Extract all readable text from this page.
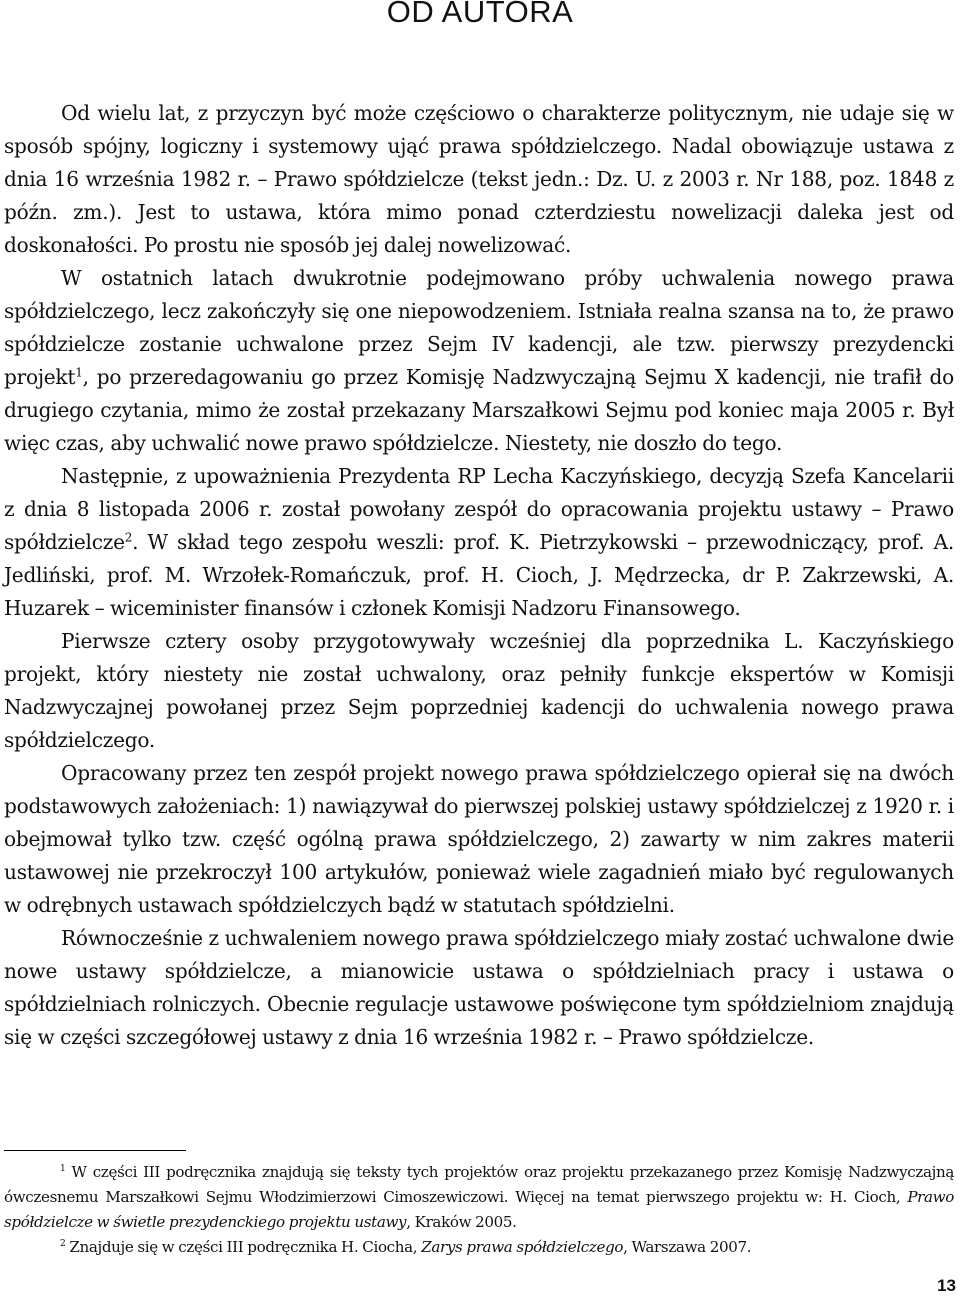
OD AUTORA

Od wielu lat, z przyczyn być może częściowo o charakterze politycznym, nie udaje się w sposób spójny, logiczny i systemowy ująć prawa spółdzielczego. Nadal obowiązuje ustawa z dnia 16 września 1982 r. – Prawo spółdzielcze (tekst jedn.: Dz. U. z 2003 r. Nr 188, poz. 1848 z późn. zm.). Jest to ustawa, która mimo ponad czterdziestu nowelizacji daleka jest od doskonałości. Po prostu nie sposób jej dalej nowelizować.

W ostatnich latach dwukrotnie podejmowano próby uchwalenia nowego prawa spółdzielczego, lecz zakończyły się one niepowodzeniem. Istniała realna szansa na to, że prawo spółdzielcze zostanie uchwalone przez Sejm IV kadencji, ale tzw. pierwszy prezydencki projekt$^1$, po przeredagowaniu go przez Komisję Nadzwyczajną Sejmu X kadencji, nie trafił do drugiego czytania, mimo że został przekazany Marszałkowi Sejmu pod koniec maja 2005 r. Był więc czas, aby uchwalić nowe prawo spółdzielcze. Niestety, nie doszło do tego.

Następnie, z upoważnienia Prezydenta RP Lecha Kaczyńskiego, decyzją Szefa Kancelarii z dnia 8 listopada 2006 r. został powołany zespół do opracowania projektu ustawy – Prawo spółdzielcze$^2$. W skład tego zespołu weszli: prof. K. Pietrzykowski – przewodniczący, prof. A. Jedliński, prof. M. Wrzołek-Romańczuk, prof. H. Cioch, J. Mędrzecka, dr P. Zakrzewski, A. Huzarek – wiceminister finansów i członek Komisji Nadzoru Finansowego.

Pierwsze cztery osoby przygotowywały wcześniej dla poprzednika L. Kaczyńskiego projekt, który niestety nie został uchwalony, oraz pełniły funkcje ekspertów w Komisji Nadzwyczajnej powołanej przez Sejm poprzedniej kadencji do uchwalenia nowego prawa spółdzielczego.

Opracowany przez ten zespół projekt nowego prawa spółdzielczego opierał się na dwóch podstawowych założeniach: 1) nawiązywał do pierwszej polskiej ustawy spółdzielczej z 1920 r. i obejmował tylko tzw. część ogólną prawa spółdzielczego, 2) zawarty w nim zakres materii ustawowej nie przekroczył 100 artykułów, ponieważ wiele zagadnień miało być regulowanych w odrębnych ustawach spółdzielczych bądź w statutach spółdzielni.

Równocześnie z uchwaleniem nowego prawa spółdzielczego miały zostać uchwalone dwie nowe ustawy spółdzielcze, a mianowicie ustawa o spółdzielniach pracy i ustawa o spółdzielniach rolniczych. Obecnie regulacje ustawowe poświęcone tym spółdzielniom znajdują się w części szczegółowej ustawy z dnia 16 września 1982 r. – Prawo spółdzielcze.

$^1$ W części III podręcznika znajdują się teksty tych projektów oraz projektu przekazanego przez Komisję Nadzwyczajną ówczesnemu Marszałkowi Sejmu Włodzimierzowi Cimoszewiczowi. Więcej na temat pierwszego projektu w: H. Cioch, Prawo spółdzielcze w świetle prezydenckiego projektu ustawy, Kraków 2005.

$^2$ Znajduje się w części III podręcznika H. Ciocha, Zarys prawa spółdzielczego, Warszawa 2007.

13
